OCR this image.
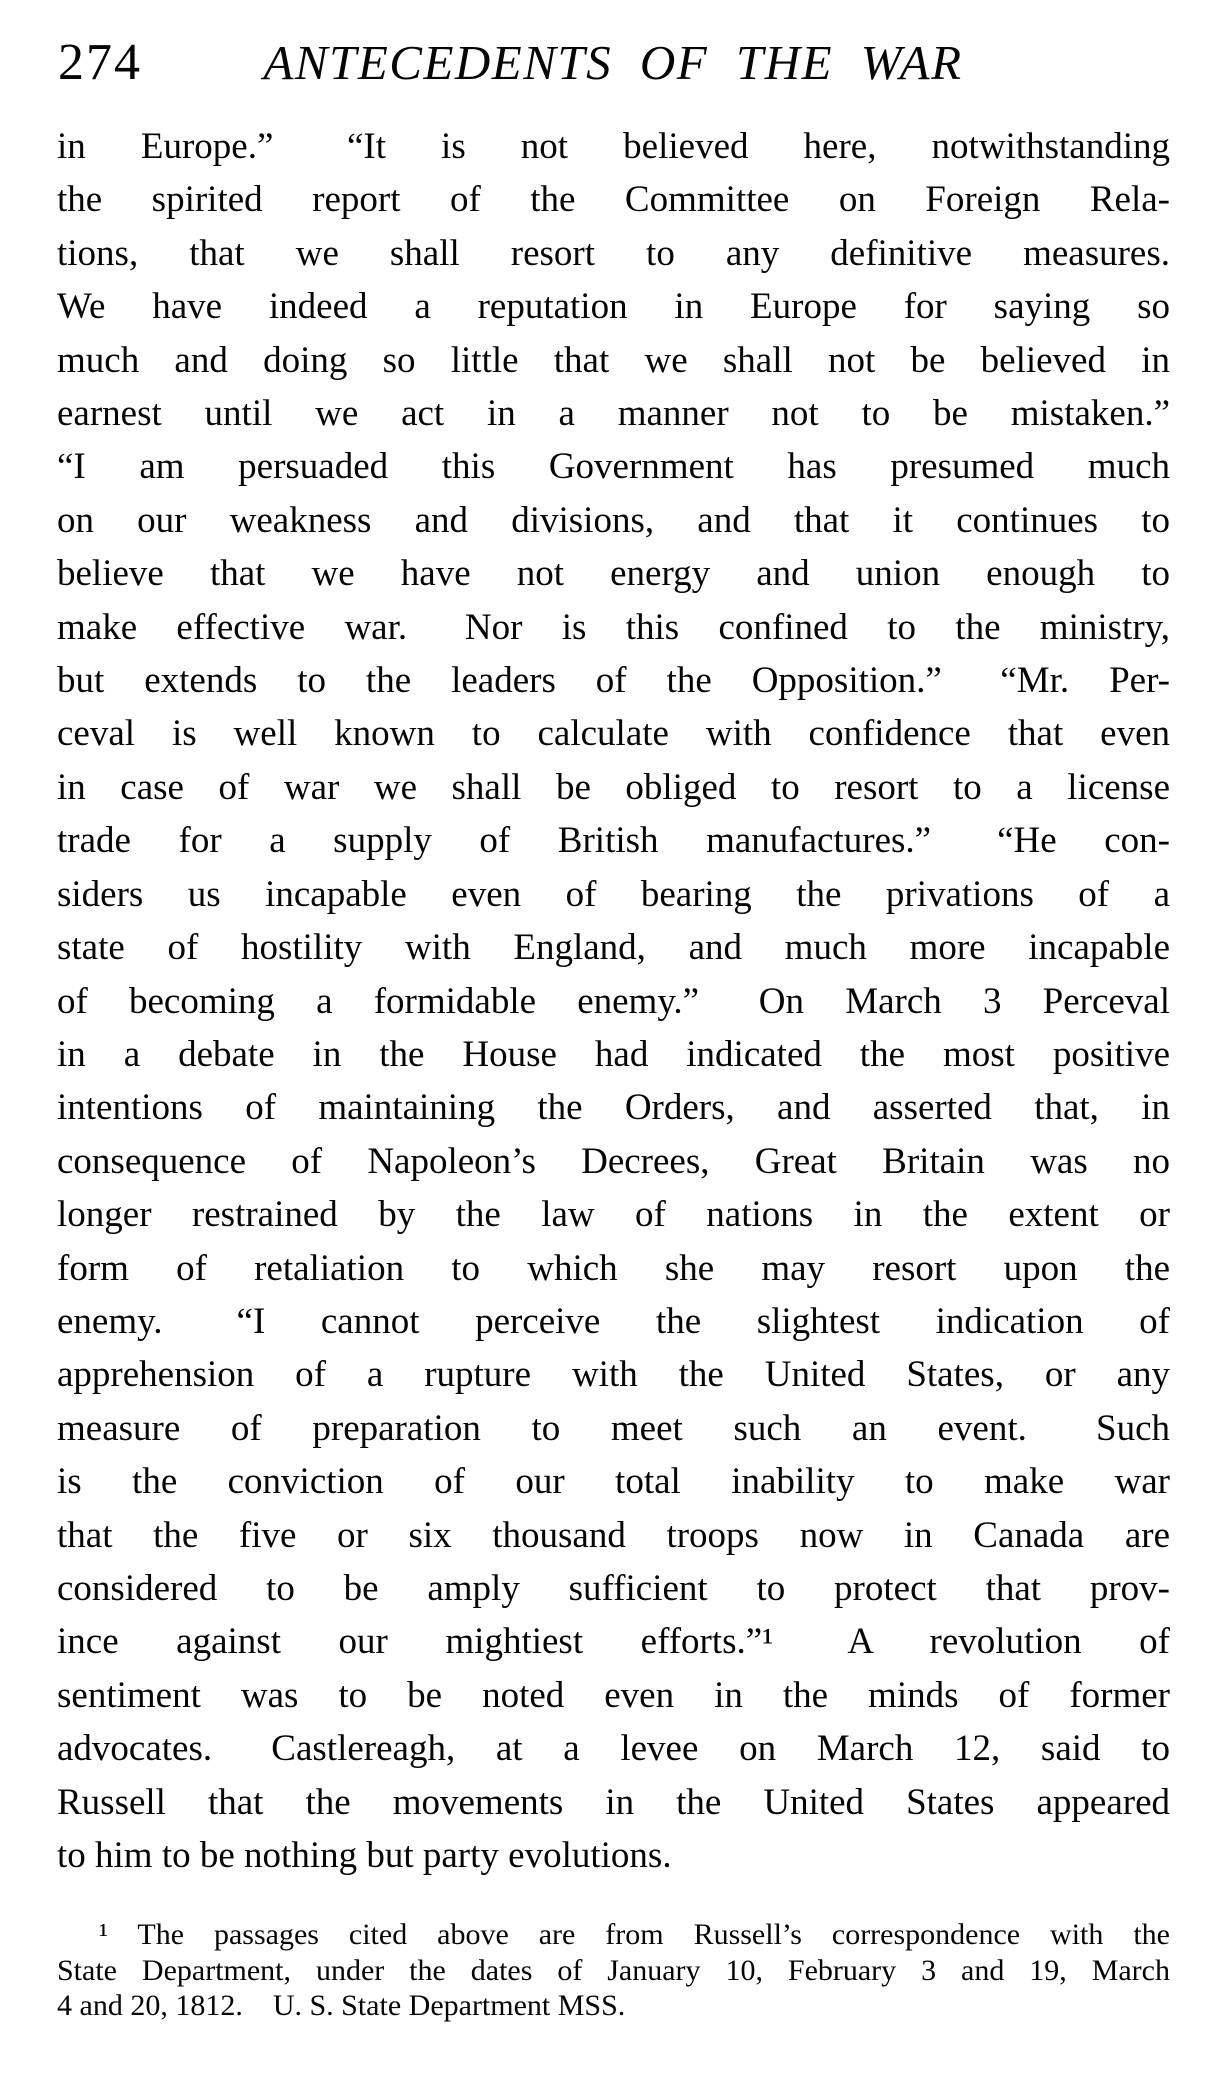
274	ANTECEDENTS OF THE WAR
in Europe.”  “It is not believed here, notwithstanding
the spirited report of the Committee on Foreign Rela-
tions, that we shall resort to any definitive measures.
We have indeed a reputation in Europe for saying so
much and doing so little that we shall not be believed in
earnest until we act in a manner not to be mistaken.”
“I am persuaded this Government has presumed much
on our weakness and divisions, and that it continues to
believe that we have not energy and union enough to
make effective war.  Nor is this confined to the ministry,
but extends to the leaders of the Opposition.”  “Mr. Per-
ceval is well known to calculate with confidence that even
in case of war we shall be obliged to resort to a license
trade for a supply of British manufactures.”  “He con-
siders us incapable even of bearing the privations of a
state of hostility with England, and much more incapable
of becoming a formidable enemy.”  On March 3 Perceval
in a debate in the House had indicated the most positive
intentions of maintaining the Orders, and asserted that, in
consequence of Napoleon’s Decrees, Great Britain was no
longer restrained by the law of nations in the extent or
form of retaliation to which she may resort upon the
enemy.  “I cannot perceive the slightest indication of
apprehension of a rupture with the United States, or any
measure of preparation to meet such an event.  Such
is the conviction of our total inability to make war
that the five or six thousand troops now in Canada are
considered to be amply sufficient to protect that prov-
ince against our mightiest efforts.”¹  A revolution of
sentiment was to be noted even in the minds of former
advocates.  Castlereagh, at a levee on March 12, said to
Russell that the movements in the United States appeared
to him to be nothing but party evolutions.
¹ The passages cited above are from Russell’s correspondence with the
State Department, under the dates of January 10, February 3 and 19, March
4 and 20, 1812. U. S. State Department MSS.
